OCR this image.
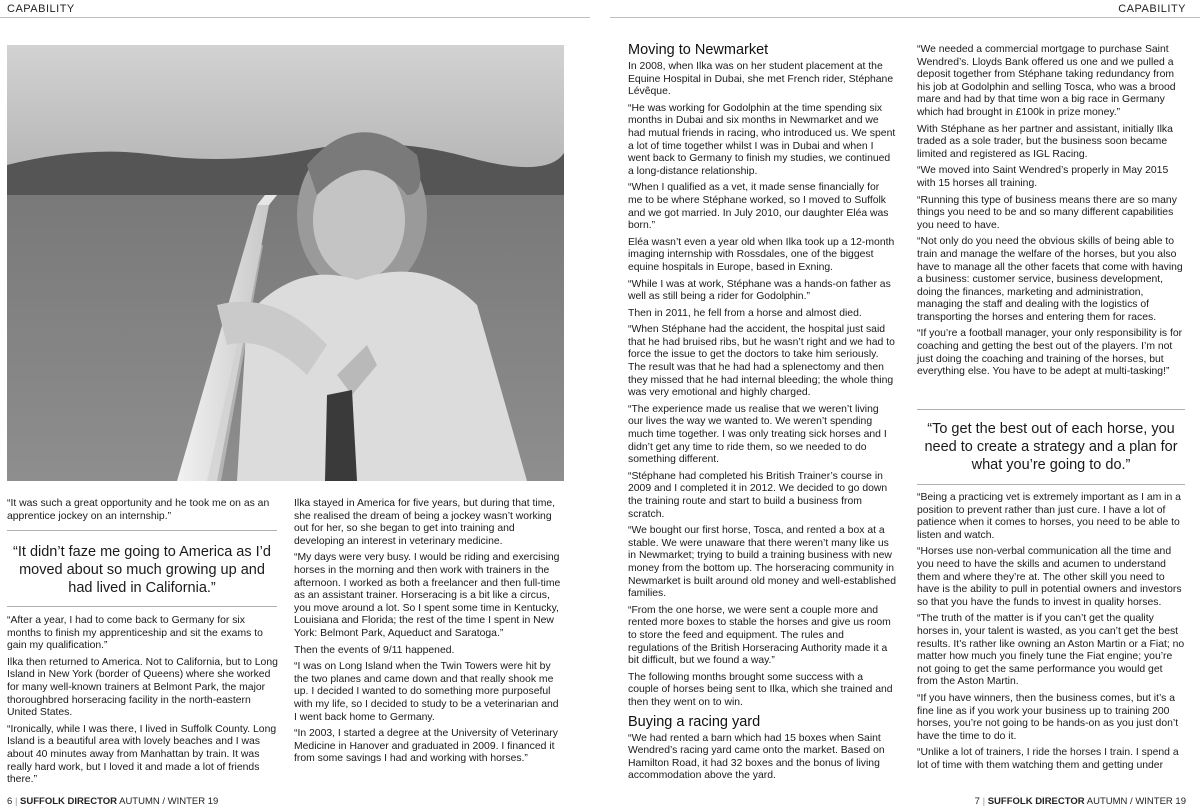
CAPABILITY	CAPABILITY

“It was such a great opportunity and he took me on as an apprentice jockey on an internship.”

“It didn’t faze me going to America as I’d moved about so much growing up and had lived in California.”

“After a year, I had to come back to Germany for six months to finish my apprenticeship and sit the exams to gain my qualification.”

Ilka then returned to America. Not to California, but to Long Island in New York (border of Queens) where she worked for many well-known trainers at Belmont Park, the major thoroughbred horseracing facility in the north-eastern United States.

“Ironically, while I was there, I lived in Suffolk County. Long Island is a beautiful area with lovely beaches and I was about 40 minutes away from Manhattan by train. It was really hard work, but I loved it and made a lot of friends there.”

Ilka stayed in America for five years, but during that time, she realised the dream of being a jockey wasn’t working out for her, so she began to get into training and developing an interest in veterinary medicine.

“My days were very busy. I would be riding and exercising horses in the morning and then work with trainers in the afternoon. I worked as both a freelancer and then full-time as an assistant trainer. Horseracing is a bit like a circus, you move around a lot. So I spent some time in Kentucky, Louisiana and Florida; the rest of the time I spent in New York: Belmont Park, Aqueduct and Saratoga.”

Then the events of 9/11 happened.

“I was on Long Island when the Twin Towers were hit by the two planes and came down and that really shook me up. I decided I wanted to do something more purposeful with my life, so I decided to study to be a veterinarian and I went back home to Germany.

“In 2003, I started a degree at the University of Veterinary Medicine in Hanover and graduated in 2009. I financed it from some savings I had and working with horses.”

Moving to Newmarket

In 2008, when Ilka was on her student placement at the Equine Hospital in Dubai, she met French rider, Stéphane Lévêque.

“He was working for Godolphin at the time spending six months in Dubai and six months in Newmarket and we had mutual friends in racing, who introduced us. We spent a lot of time together whilst I was in Dubai and when I went back to Germany to finish my studies, we continued a long-distance relationship.

“When I qualified as a vet, it made sense financially for me to be where Stéphane worked, so I moved to Suffolk and we got married. In July 2010, our daughter Eléa was born.”

Eléa wasn’t even a year old when Ilka took up a 12-month imaging internship with Rossdales, one of the biggest equine hospitals in Europe, based in Exning.

“While I was at work, Stéphane was a hands-on father as well as still being a rider for Godolphin.”

Then in 2011, he fell from a horse and almost died.

“When Stéphane had the accident, the hospital just said that he had bruised ribs, but he wasn’t right and we had to force the issue to get the doctors to take him seriously. The result was that he had had a splenectomy and then they missed that he had internal bleeding; the whole thing was very emotional and highly charged.

“The experience made us realise that we weren’t living our lives the way we wanted to. We weren’t spending much time together. I was only treating sick horses and I didn’t get any time to ride them, so we needed to do something different.

“Stéphane had completed his British Trainer’s course in 2009 and I completed it in 2012. We decided to go down the training route and start to build a business from scratch.

“We bought our first horse, Tosca, and rented a box at a stable. We were unaware that there weren’t many like us in Newmarket; trying to build a training business with new money from the bottom up. The horseracing community in Newmarket is built around old money and well-established families.

“From the one horse, we were sent a couple more and rented more boxes to stable the horses and give us room to store the feed and equipment. The rules and regulations of the British Horseracing Authority made it a bit difficult, but we found a way.”

The following months brought some success with a couple of horses being sent to Ilka, which she trained and then they went on to win.

Buying a racing yard

“We had rented a barn which had 15 boxes when Saint Wendred’s racing yard came onto the market. Based on Hamilton Road, it had 32 boxes and the bonus of living accommodation above the yard.

“We needed a commercial mortgage to purchase Saint Wendred’s. Lloyds Bank offered us one and we pulled a deposit together from Stéphane taking redundancy from his job at Godolphin and selling Tosca, who was a brood mare and had by that time won a big race in Germany which had brought in £100k in prize money.”

With Stéphane as her partner and assistant, initially Ilka traded as a sole trader, but the business soon became limited and registered as IGL Racing.

“We moved into Saint Wendred’s properly in May 2015 with 15 horses all training.

“Running this type of business means there are so many things you need to be and so many different capabilities you need to have.

“Not only do you need the obvious skills of being able to train and manage the welfare of the horses, but you also have to manage all the other facets that come with having a business: customer service, business development, doing the finances, marketing and administration, managing the staff and dealing with the logistics of transporting the horses and entering them for races.

“If you’re a football manager, your only responsibility is for coaching and getting the best out of the players. I’m not just doing the coaching and training of the horses, but everything else. You have to be adept at multi-tasking!”

“To get the best out of each horse, you need to create a strategy and a plan for what you’re going to do.”

“Being a practicing vet is extremely important as I am in a position to prevent rather than just cure. I have a lot of patience when it comes to horses, you need to be able to listen and watch.

“Horses use non-verbal communication all the time and you need to have the skills and acumen to understand them and where they’re at. The other skill you need to have is the ability to pull in potential owners and investors so that you have the funds to invest in quality horses.

“The truth of the matter is if you can’t get the quality horses in, your talent is wasted, as you can’t get the best results. It’s rather like owning an Aston Martin or a Fiat; no matter how much you finely tune the Fiat engine; you’re not going to get the same performance you would get from the Aston Martin.

“If you have winners, then the business comes, but it’s a fine line as if you work your business up to training 200 horses, you’re not going to be hands-on as you just don’t have the time to do it.

“Unlike a lot of trainers, I ride the horses I train. I spend a lot of time with them watching them and getting under

6 | SUFFOLK DIRECTOR AUTUMN / WINTER 19	7 | SUFFOLK DIRECTOR AUTUMN / WINTER 19
